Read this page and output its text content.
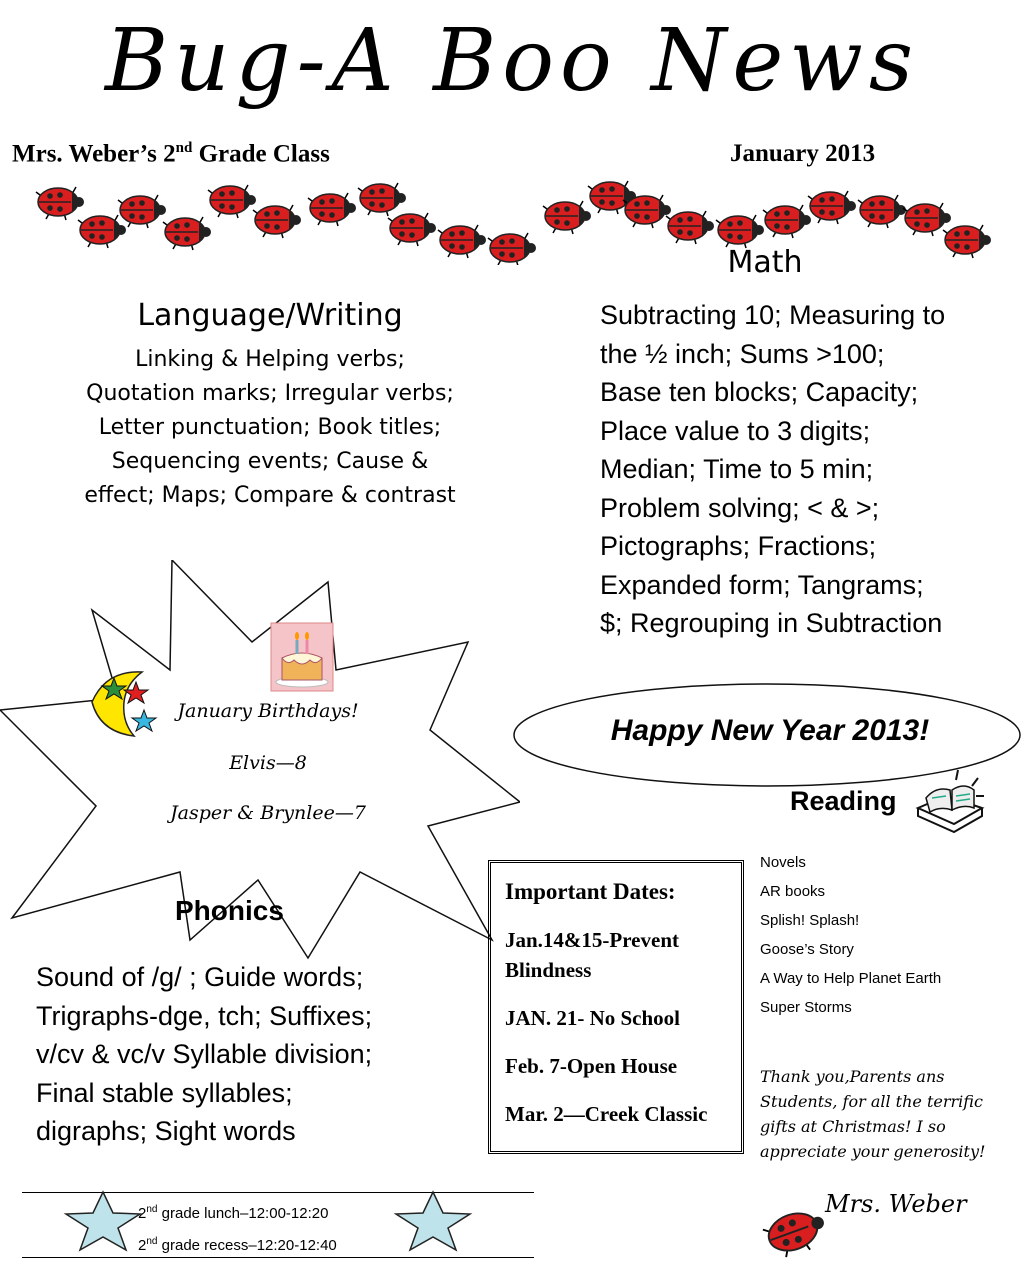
Bug-A Boo News
Mrs. Weber’s 2nd Grade Class	January 2013
Language/Writing
Linking & Helping verbs;
Quotation marks; Irregular verbs;
Letter punctuation; Book titles;
Sequencing events; Cause &
effect; Maps; Compare & contrast
Math
Subtracting 10; Measuring to
the ½ inch; Sums >100;
Base ten blocks; Capacity;
Place value to 3 digits;
Median; Time to 5 min;
Problem solving; < & >;
Pictographs; Fractions;
Expanded form; Tangrams;
$; Regrouping in Subtraction
January Birthdays!
Elvis—8
Jasper & Brynlee—7
Happy New Year 2013!
Reading
Novels
AR books
Splish! Splash!
Goose’s Story
A Way to Help Planet Earth
Super Storms
Important Dates:
Jan.14&15-Prevent Blindness
JAN. 21- No School
Feb. 7-Open House
Mar. 2—Creek Classic
Phonics
Sound of /g/ ; Guide words;
Trigraphs-dge, tch; Suffixes;
v/cv & vc/v Syllable division;
Final stable syllables;
digraphs; Sight words
Thank you,Parents ans Students, for all the terrific gifts at Christmas! I so appreciate your generosity!
Mrs. Weber
2nd grade lunch–12:00-12:20
2nd grade recess–12:20-12:40
